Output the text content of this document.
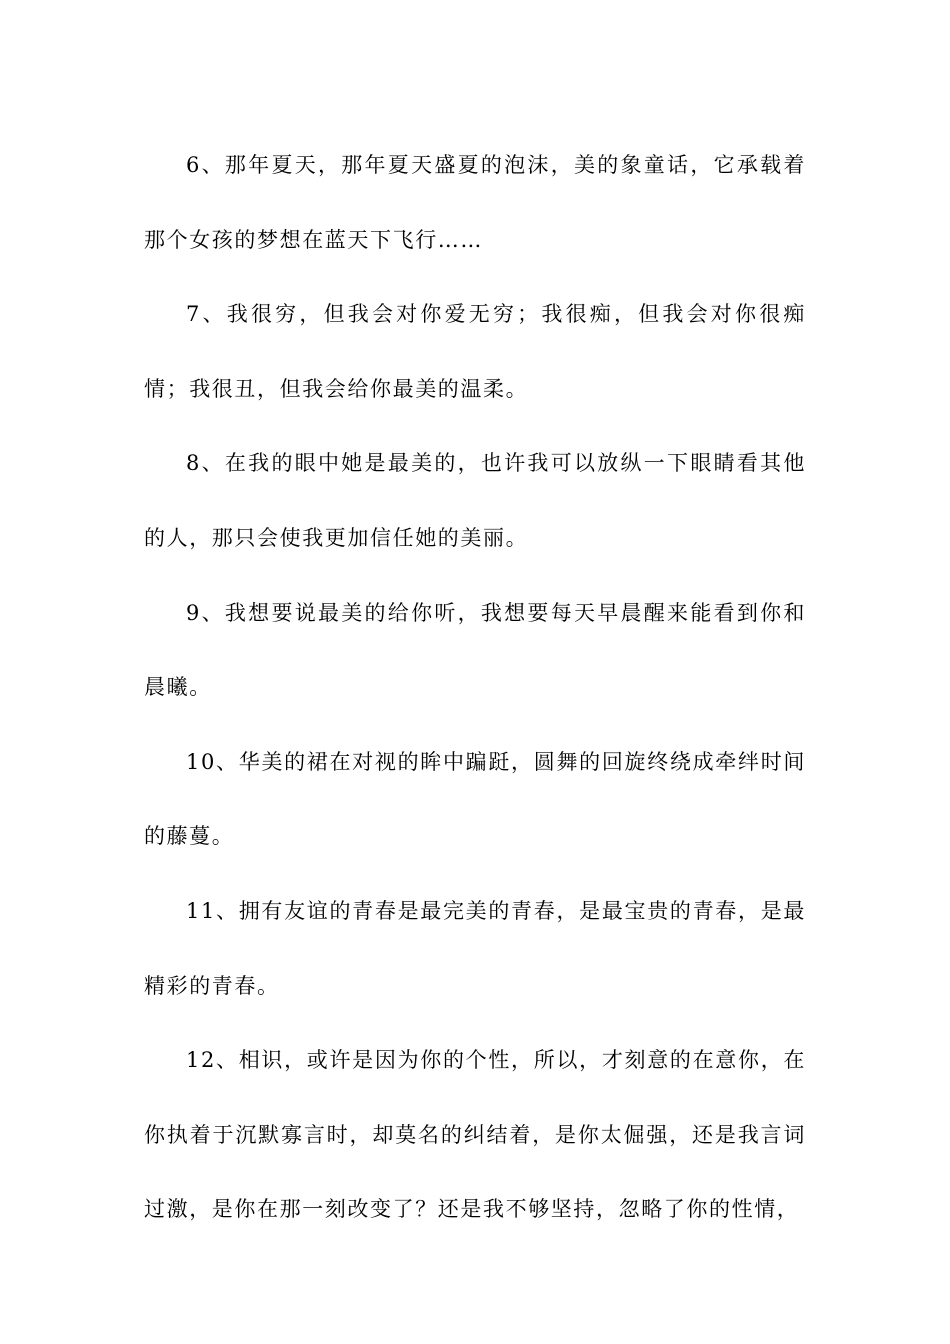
6、那年夏天，那年夏天盛夏的泡沫，美的象童话，它承载着那个女孩的梦想在蓝天下飞行……

7、我很穷，但我会对你爱无穷；我很痴，但我会对你很痴情；我很丑，但我会给你最美的温柔。

8、在我的眼中她是最美的，也许我可以放纵一下眼睛看其他的人，那只会使我更加信任她的美丽。

9、我想要说最美的给你听，我想要每天早晨醒来能看到你和晨曦。

10、华美的裙在对视的眸中蹁跹，圆舞的回旋终绕成牵绊时间的藤蔓。

11、拥有友谊的青春是最完美的青春，是最宝贵的青春，是最精彩的青春。

12、相识，或许是因为你的个性，所以，才刻意的在意你，在你执着于沉默寡言时，却莫名的纠结着，是你太倔强，还是我言词过激，是你在那一刻改变了？还是我不够坚持，忽略了你的性情，
